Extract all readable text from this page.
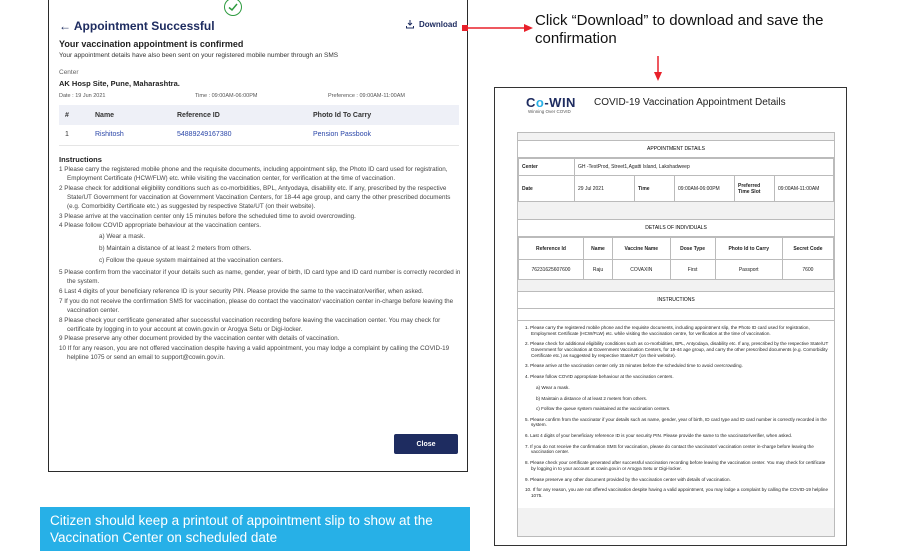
← Appointment Successful	Download
Your vaccination appointment is confirmed
Your appointment details have also been sent on your registered mobile number through an SMS
Center
AK Hosp Site, Pune, Maharashtra.
Date : 19 Jun 2021	Time : 09:00AM-06:00PM	Preference : 09:00AM-11:00AM
#	Name	Reference ID	Photo Id To Carry
1	Rishitosh	54889249167380	Pension Passbook
Instructions
1 Please carry the registered mobile phone and the requisite documents, including appointment slip, the Photo ID card used for registration, Employment Certificate (HCW/FLW) etc. while visiting the vaccination center, for verification at the time of vaccination.
2 Please check for additional eligibility conditions such as co-morbidities, BPL, Antyodaya, disability etc. If any, prescribed by the respective State/UT Government for vaccination at Government Vaccination Centers, for 18-44 age group, and carry the other prescribed documents (e.g. Comorbidity Certificate etc.) as suggested by respective State/UT (on their website).
3 Please arrive at the vaccination center only 15 minutes before the scheduled time to avoid overcrowding.
4 Please follow COVID appropriate behaviour at the vaccination centers.
a) Wear a mask.
b) Maintain a distance of at least 2 meters from others.
c) Follow the queue system maintained at the vaccination centers.
5 Please confirm from the vaccinator if your details such as name, gender, year of birth, ID card type and ID card number is correctly recorded in the system.
6 Last 4 digits of your beneficiary reference ID is your security PIN. Please provide the same to the vaccinator/verifier, when asked.
7 If you do not receive the confirmation SMS for vaccination, please do contact the vaccinator/ vaccination center in-charge before leaving the vaccination center.
8 Please check your certificate generated after successful vaccination recording before leaving the vaccination center. You may check for certificate by logging in to your account at cowin.gov.in or Arogya Setu or Digi-locker.
9 Please preserve any other document provided by the vaccination center with details of vaccination.
10 If for any reason, you are not offered vaccination despite having a valid appointment, you may lodge a complaint by calling the COVID-19 helpline 1075 or send an email to support@cowin.gov.in.
Close
Citizen should keep a printout of appointment slip to show at the Vaccination Center on scheduled date
Click “Download” to download and save the confirmation
Co-WIN
Winning Over COVID
COVID-19 Vaccination Appointment Details
APPOINTMENT DETAILS
Center	GH -TestProd, Street1,Agatti Island, Lakshadweep				
Date	29 Jul 2021	Time	09:00AM-06:00PM	Preferred Time Slot	09:00AM-11:00AM
DETAILS OF INDIVIDUALS
Reference Id	Name	Vaccine Name	Dose Type	Photo Id to Carry	Secret Code
76231625607600	Raju	COVAXIN	First	Passport	7600
INSTRUCTIONS
1. Please carry the registered mobile phone and the requisite documents, including appointment slip, the Photo ID card used for registration, Employment Certificate (HCW/FLW) etc. while visiting the vaccination centre, for verification at the time of vaccination.
2. Please check for additional eligibility conditions such as co-morbidities, BPL, Antyodaya, disability etc. If any, prescribed by the respective State/UT Government for vaccination at Government Vaccination Centers, for 18-44 age group, and carry the other prescribed documents (e.g. Comorbidity Certificate etc.) as suggested by respective State/UT (on their website).
3. Please arrive at the vaccination center only 15 minutes before the scheduled time to avoid overcrowding.
4. Please follow COVID appropriate behaviour at the vaccination centers.
a) Wear a mask.
b) Maintain a distance of at least 2 meters from others.
c) Follow the queue system maintained at the vaccination centers.
5. Please confirm from the vaccinator if your details such as name, gender, year of birth, ID card type and ID card number is correctly recorded in the system.
6. Last 4 digits of your beneficiary reference ID is your security PIN. Please provide the same to the vaccinator/verifier, when asked.
7. If you do not receive the confirmation SMS for vaccination, please do contact the vaccinator/ vaccination center in-charge before leaving the vaccination center.
8. Please check your certificate generated after successful vaccination recording before leaving the vaccination center. You may check for certificate by logging in to your account at cowin.gov.in or Arogya Setu or Digi-locker.
9. Please preserve any other document provided by the vaccination center with details of vaccination.
10. If for any reason, you are not offered vaccination despite having a valid appointment, you may lodge a complaint by calling the COVID-19 helpline 1075.
